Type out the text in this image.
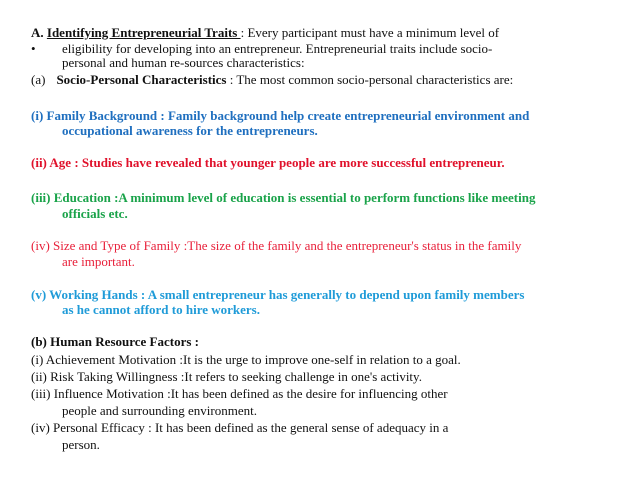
A. Identifying Entrepreneurial Traits : Every participant must have a minimum level of
• eligibility for developing into an entrepreneur. Entrepreneurial traits include socio-
personal and human re-sources characteristics:
(a) Socio-Personal Characteristics : The most common socio-personal characteristics are:
(i) Family Background : Family background help create entrepreneurial environment and
occupational awareness for the entrepreneurs.
(ii) Age : Studies have revealed that younger people are more successful entrepreneur.
(iii) Education :A minimum level of education is essential to perform functions like meeting
officials etc.
(iv) Size and Type of Family :The size of the family and the entrepreneur's status in the family
are important.
(v) Working Hands : A small entrepreneur has generally to depend upon family members
as he cannot afford to hire workers.
(b) Human Resource Factors :
(i) Achievement Motivation :It is the urge to improve one-self in relation to a goal.
(ii) Risk Taking Willingness :It refers to seeking challenge in one's activity.
(iii) Influence Motivation :It has been defined as the desire for influencing other
people and surrounding environment.
(iv) Personal Efficacy : It has been defined as the general sense of adequacy in a
person.
